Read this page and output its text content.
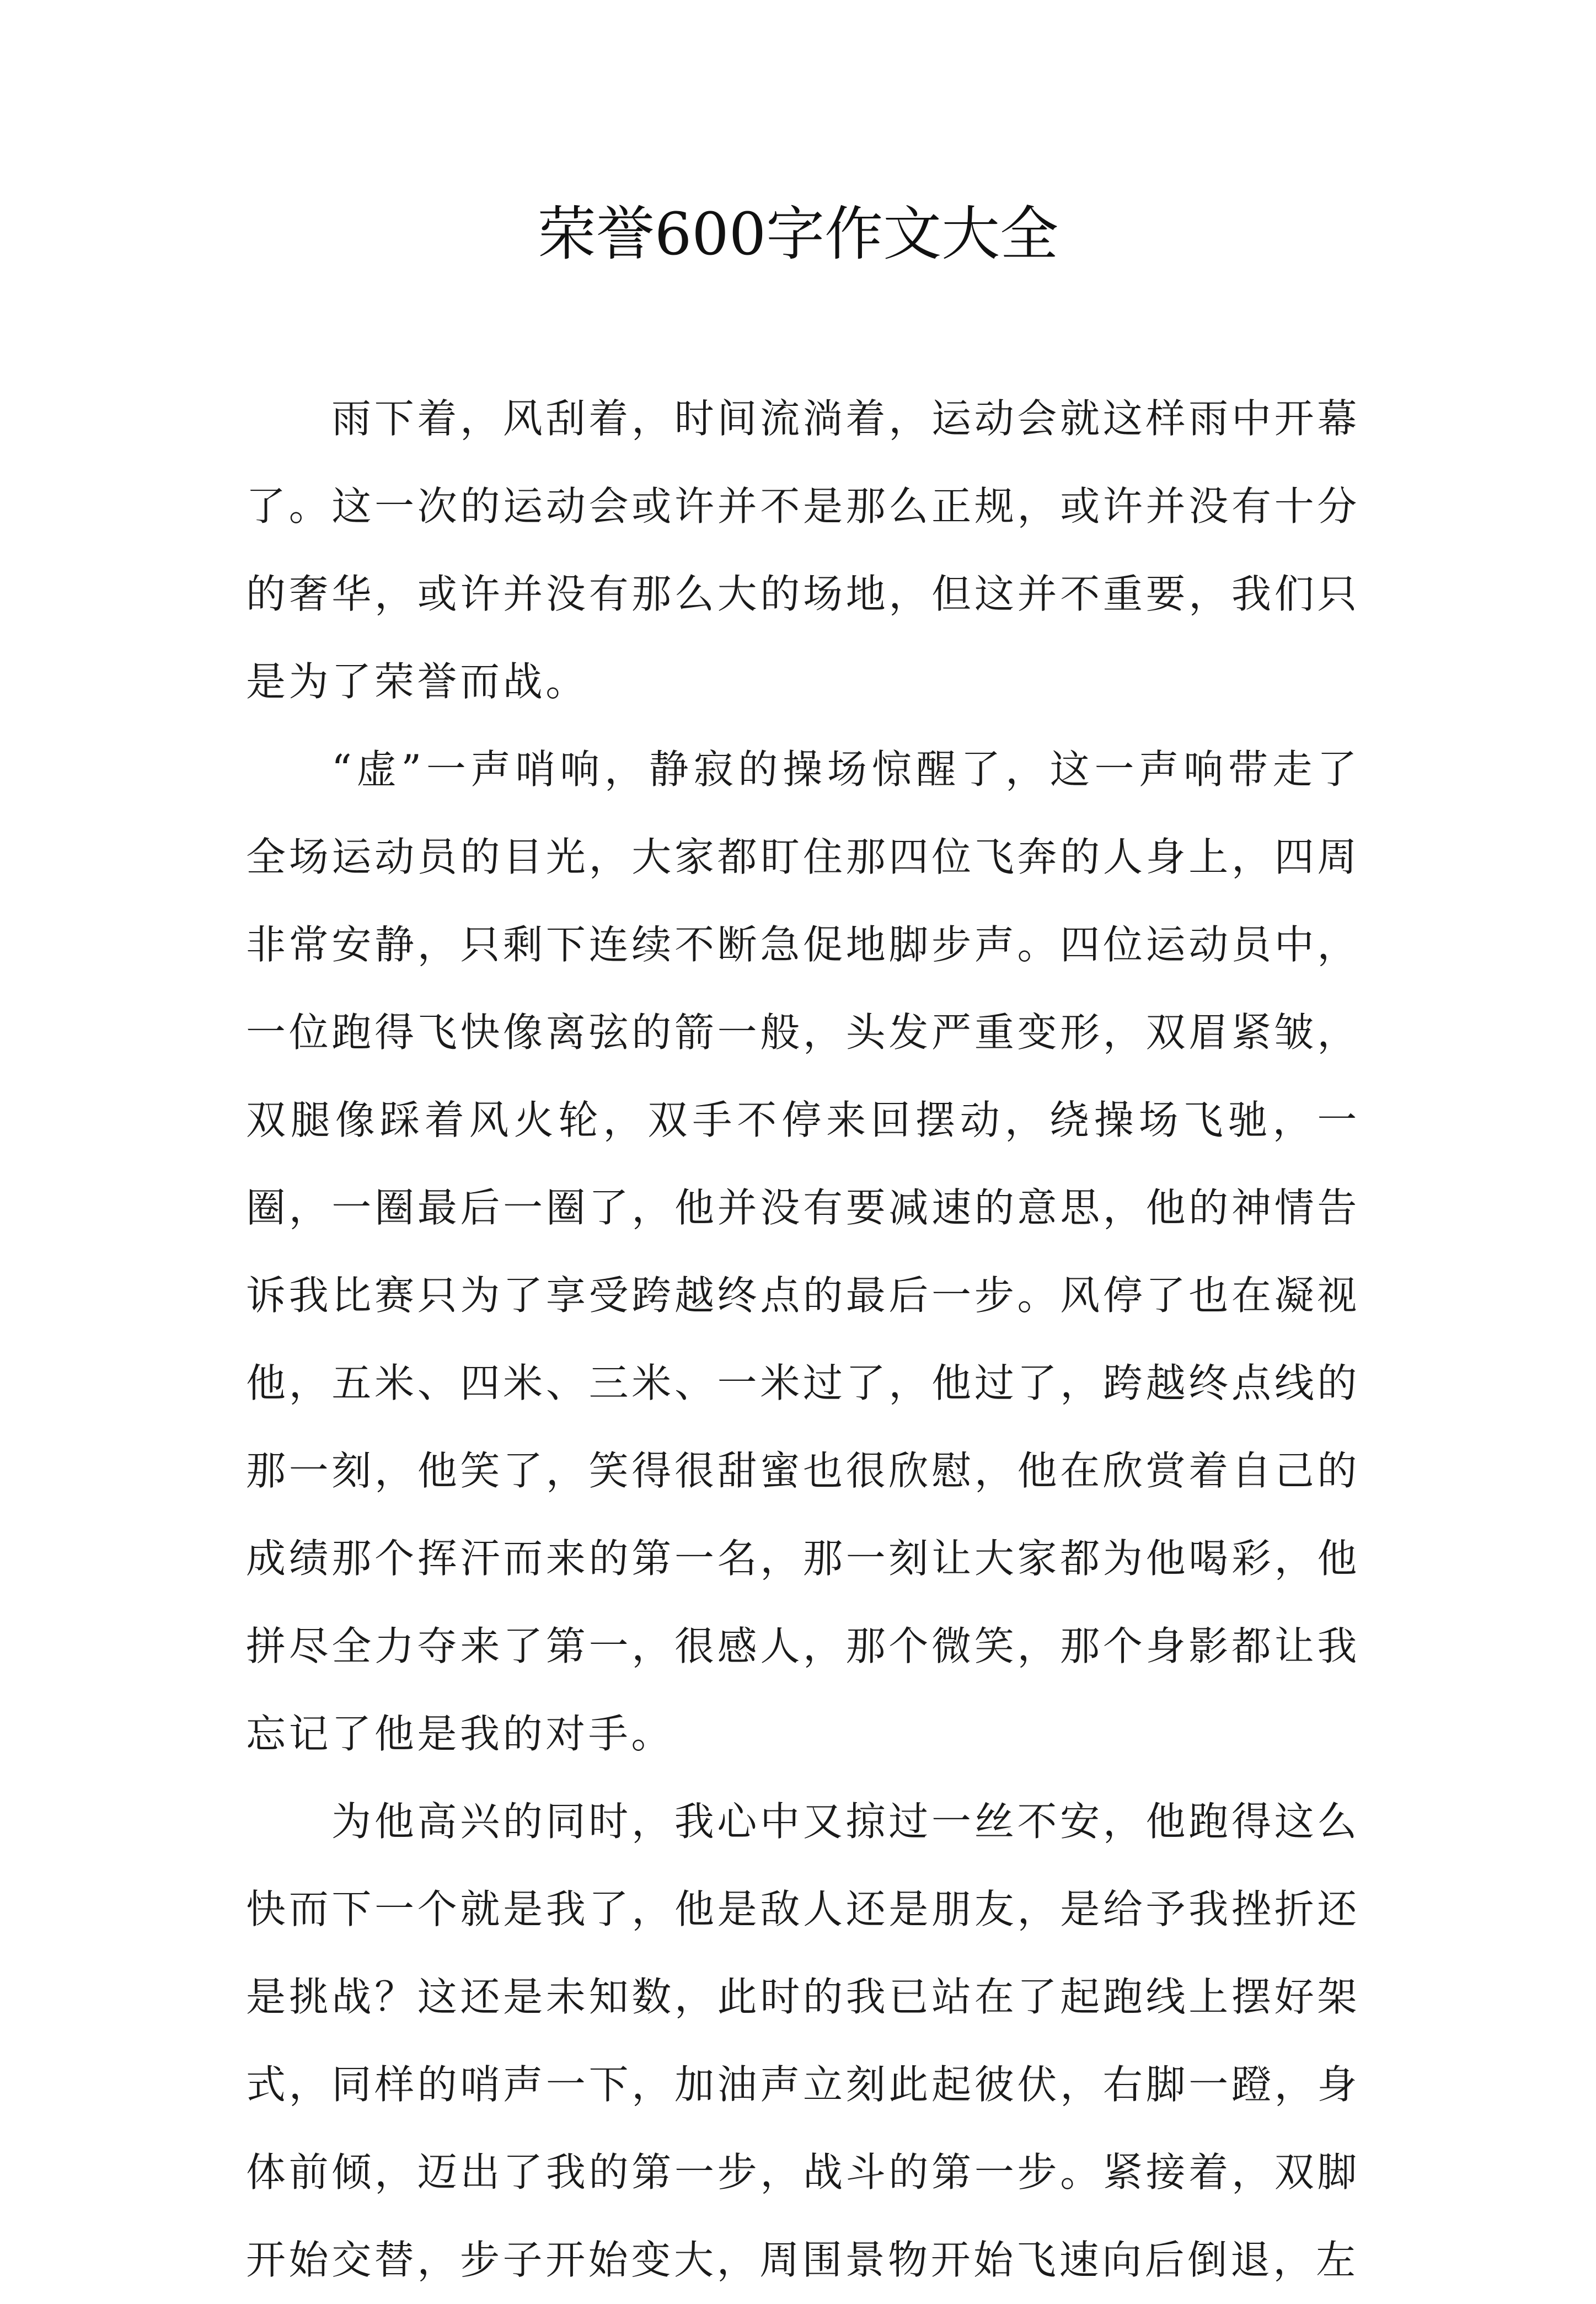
荣誉600字作文大全

雨下着，风刮着，时间流淌着，运动会就这样雨中开幕了。这一次的运动会或许并不是那么正规，或许并没有十分的奢华，或许并没有那么大的场地，但这并不重要，我们只是为了荣誉而战。

“虚”一声哨响，静寂的操场惊醒了，这一声响带走了全场运动员的目光，大家都盯住那四位飞奔的人身上，四周非常安静，只剩下连续不断急促地脚步声。四位运动员中，一位跑得飞快像离弦的箭一般，头发严重变形，双眉紧皱，双腿像踩着风火轮，双手不停来回摆动，绕操场飞驰，一圈，一圈最后一圈了，他并没有要减速的意思，他的神情告诉我比赛只为了享受跨越终点的最后一步。风停了也在凝视他，五米、四米、三米、一米过了，他过了，跨越终点线的那一刻，他笑了，笑得很甜蜜也很欣慰，他在欣赏着自己的成绩那个挥汗而来的第一名，那一刻让大家都为他喝彩，他拼尽全力夺来了第一，很感人，那个微笑，那个身影都让我忘记了他是我的对手。

为他高兴的同时，我心中又掠过一丝不安，他跑得这么快而下一个就是我了，他是敌人还是朋友，是给予我挫折还是挑战？这还是未知数，此时的我已站在了起跑线上摆好架式，同样的哨声一下，加油声立刻此起彼伏，右脚一蹬，身体前倾，迈出了我的第一步，战斗的第一步。紧接着，双脚开始交替，步子开始变大，周围景物开始飞速向后倒退，左
